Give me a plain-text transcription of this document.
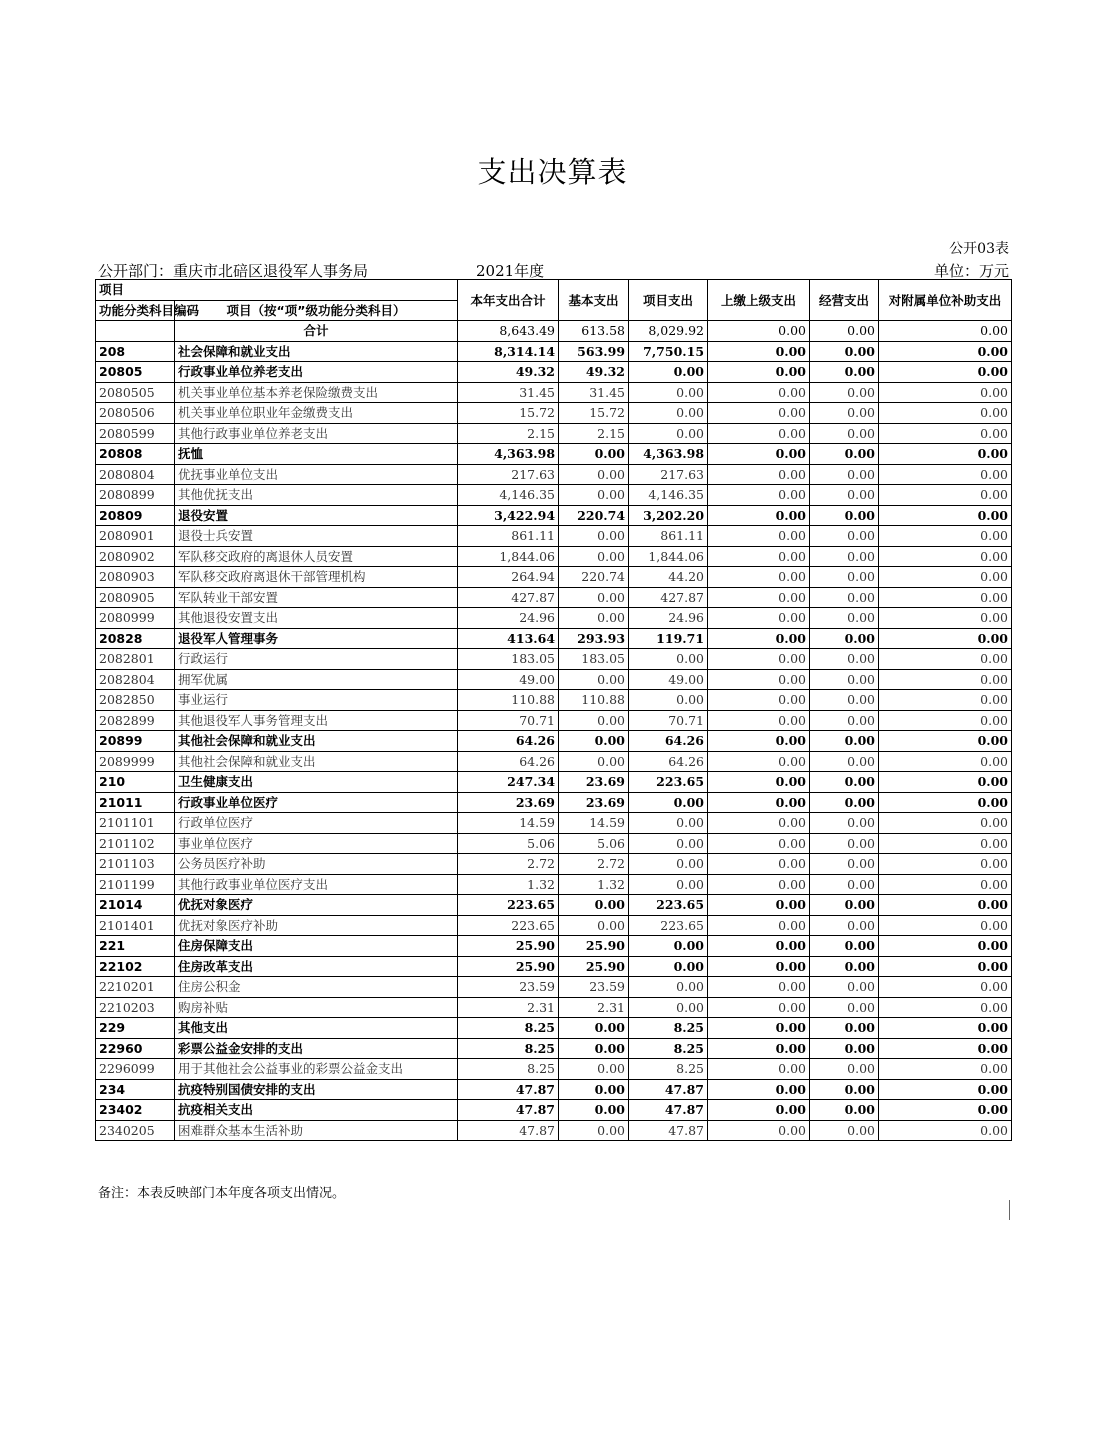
支出决算表
公开03表
公开部门：重庆市北碚区退役军人事务局	2021年度	单位：万元
项目		本年支出合计	基本支出	项目支出	上缴上级支出	经营支出	对附属单位补助支出
功能分类科目编码	项目（按“项”级功能分类科目）						
	合计	8,643.49	613.58	8,029.92	0.00	0.00	0.00
208	社会保障和就业支出	8,314.14	563.99	7,750.15	0.00	0.00	0.00
20805	行政事业单位养老支出	49.32	49.32	0.00	0.00	0.00	0.00
2080505	机关事业单位基本养老保险缴费支出	31.45	31.45	0.00	0.00	0.00	0.00
2080506	机关事业单位职业年金缴费支出	15.72	15.72	0.00	0.00	0.00	0.00
2080599	其他行政事业单位养老支出	2.15	2.15	0.00	0.00	0.00	0.00
20808	抚恤	4,363.98	0.00	4,363.98	0.00	0.00	0.00
2080804	优抚事业单位支出	217.63	0.00	217.63	0.00	0.00	0.00
2080899	其他优抚支出	4,146.35	0.00	4,146.35	0.00	0.00	0.00
20809	退役安置	3,422.94	220.74	3,202.20	0.00	0.00	0.00
2080901	退役士兵安置	861.11	0.00	861.11	0.00	0.00	0.00
2080902	军队移交政府的离退休人员安置	1,844.06	0.00	1,844.06	0.00	0.00	0.00
2080903	军队移交政府离退休干部管理机构	264.94	220.74	44.20	0.00	0.00	0.00
2080905	军队转业干部安置	427.87	0.00	427.87	0.00	0.00	0.00
2080999	其他退役安置支出	24.96	0.00	24.96	0.00	0.00	0.00
20828	退役军人管理事务	413.64	293.93	119.71	0.00	0.00	0.00
2082801	行政运行	183.05	183.05	0.00	0.00	0.00	0.00
2082804	拥军优属	49.00	0.00	49.00	0.00	0.00	0.00
2082850	事业运行	110.88	110.88	0.00	0.00	0.00	0.00
2082899	其他退役军人事务管理支出	70.71	0.00	70.71	0.00	0.00	0.00
20899	其他社会保障和就业支出	64.26	0.00	64.26	0.00	0.00	0.00
2089999	其他社会保障和就业支出	64.26	0.00	64.26	0.00	0.00	0.00
210	卫生健康支出	247.34	23.69	223.65	0.00	0.00	0.00
21011	行政事业单位医疗	23.69	23.69	0.00	0.00	0.00	0.00
2101101	行政单位医疗	14.59	14.59	0.00	0.00	0.00	0.00
2101102	事业单位医疗	5.06	5.06	0.00	0.00	0.00	0.00
2101103	公务员医疗补助	2.72	2.72	0.00	0.00	0.00	0.00
2101199	其他行政事业单位医疗支出	1.32	1.32	0.00	0.00	0.00	0.00
21014	优抚对象医疗	223.65	0.00	223.65	0.00	0.00	0.00
2101401	优抚对象医疗补助	223.65	0.00	223.65	0.00	0.00	0.00
221	住房保障支出	25.90	25.90	0.00	0.00	0.00	0.00
22102	住房改革支出	25.90	25.90	0.00	0.00	0.00	0.00
2210201	住房公积金	23.59	23.59	0.00	0.00	0.00	0.00
2210203	购房补贴	2.31	2.31	0.00	0.00	0.00	0.00
229	其他支出	8.25	0.00	8.25	0.00	0.00	0.00
22960	彩票公益金安排的支出	8.25	0.00	8.25	0.00	0.00	0.00
2296099	用于其他社会公益事业的彩票公益金支出	8.25	0.00	8.25	0.00	0.00	0.00
234	抗疫特别国债安排的支出	47.87	0.00	47.87	0.00	0.00	0.00
23402	抗疫相关支出	47.87	0.00	47.87	0.00	0.00	0.00
2340205	困难群众基本生活补助	47.87	0.00	47.87	0.00	0.00	0.00
备注：本表反映部门本年度各项支出情况。
